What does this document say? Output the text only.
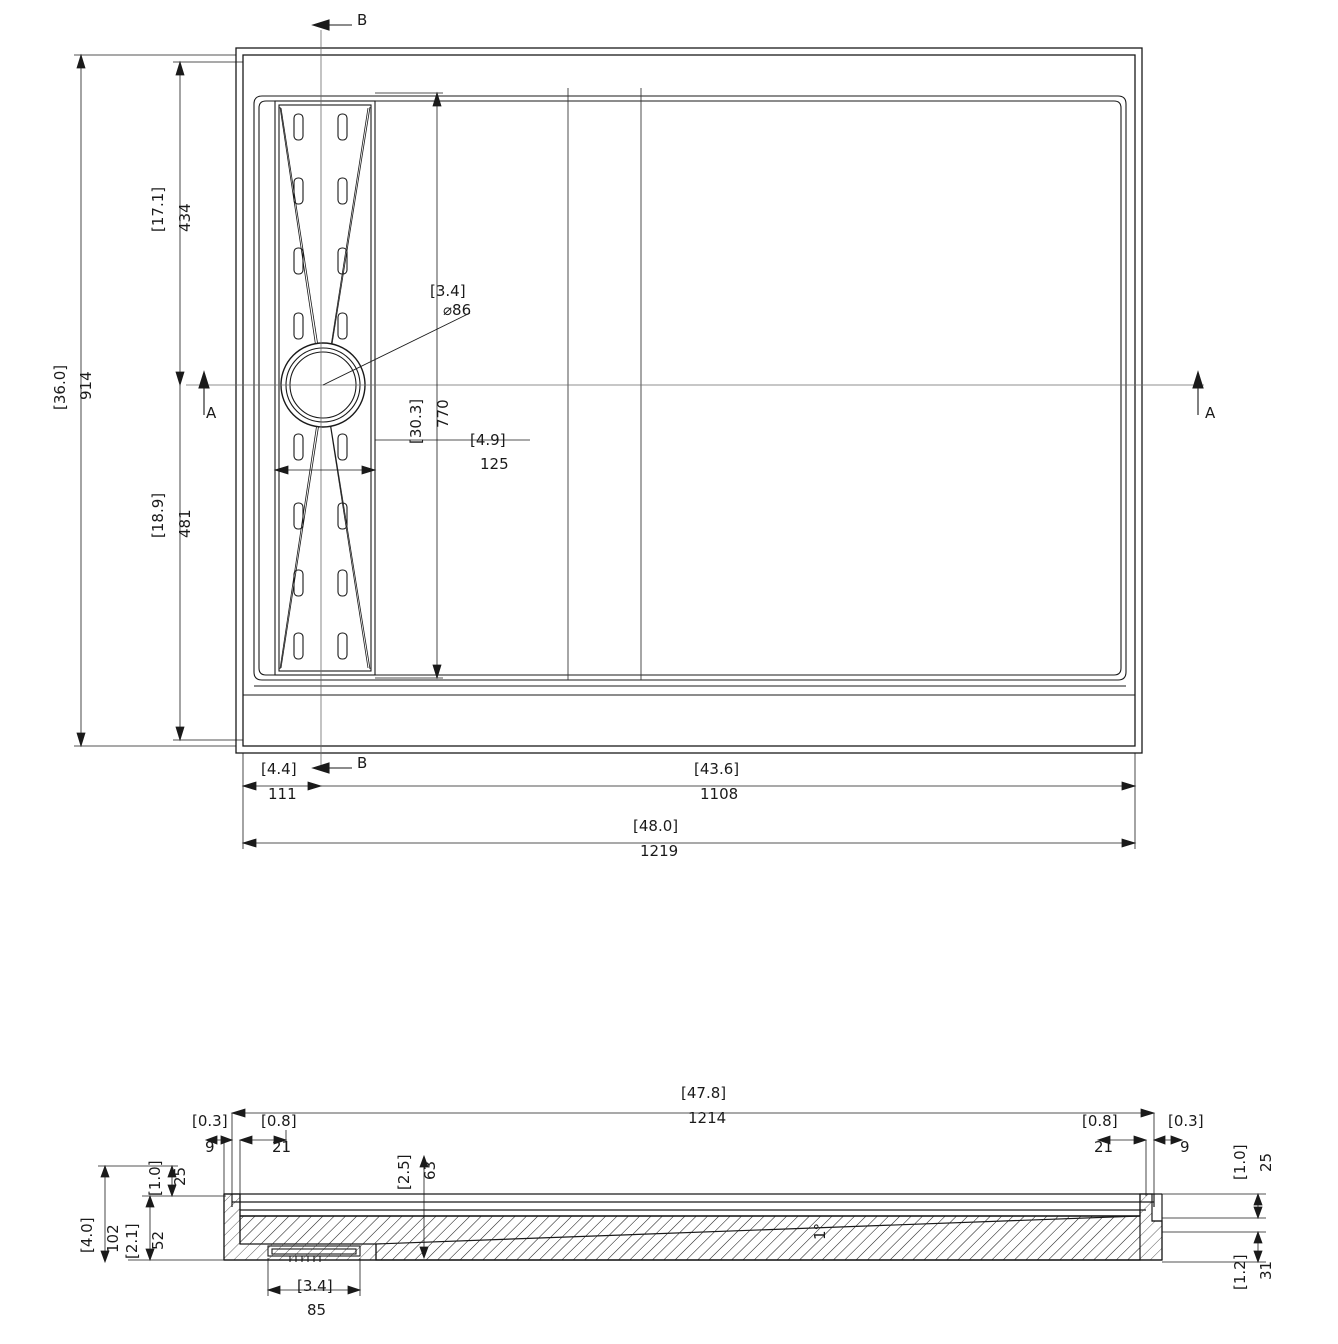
[36.0] 914
[17.1] 434
[18.9] 481
[30.3] 770
[3.4]
⌀86
[4.9]
125
[4.4]
111
[43.6]
1108
[48.0]
1219
B
B
A	A
[47.8]
1214
[0.3]
9
[0.8]
21
[0.8]
21
[0.3]
9	[1.0] 25
[1.2] 31
[1.0] 25
[4.0] 102 [2.1] 52
[2.5] 63
[3.4]
85
1°
